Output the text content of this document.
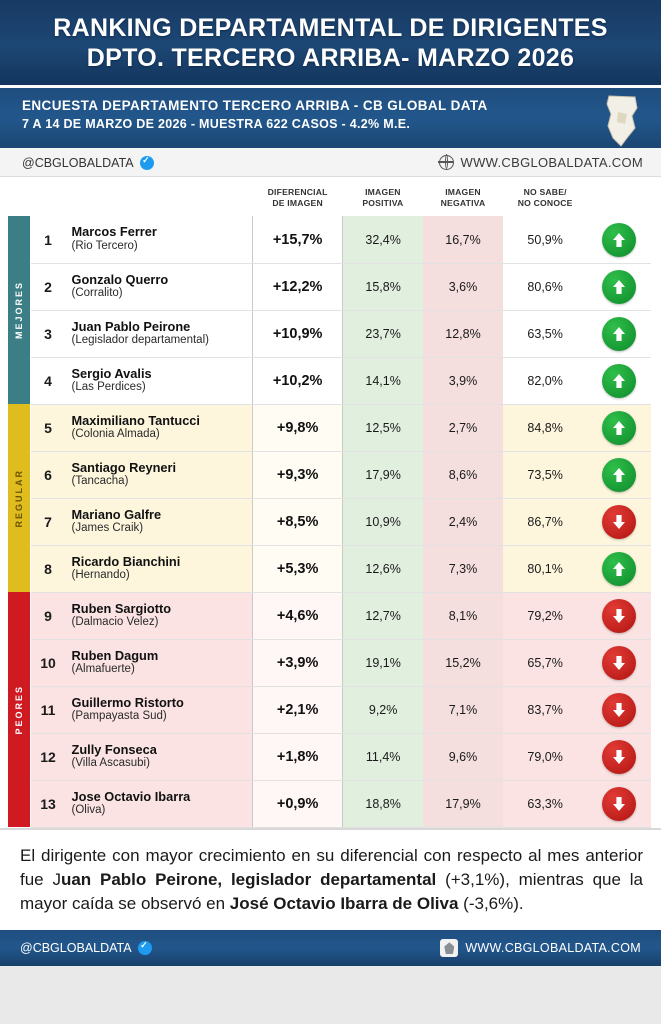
RANKING DEPARTAMENTAL DE DIRIGENTES
DPTO. TERCERO ARRIBA- MARZO 2026
ENCUESTA DEPARTAMENTO TERCERO ARRIBA - CB GLOBAL DATA
7 A 14 DE MARZO DE 2026 - MUESTRA 622 CASOS - 4.2% M.E.
@CBGLOBALDATA ✓	WWW.CBGLOBALDATA.COM

DIFERENCIAL
DE IMAGEN

IMAGEN
POSITIVA

IMAGEN
NEGATIVA

NO SABE/
NO CONOCE

MEJORES	1	Marcos Ferrer
(Rio Tercero)	+15,7%	32,4%	16,7%	50,9%	

	2	Gonzalo Querro
(Corralito)	+12,2%	15,8%	3,6%	80,6%	

	3	Juan Pablo Peirone
(Legislador departamental)	+10,9%	23,7%	12,8%	63,5%	

	4	Sergio Avalis
(Las Perdices)	+10,2%	14,1%	3,9%	82,0%	

REGULAR	5	Maximiliano Tantucci
(Colonia Almada)	+9,8%	12,5%	2,7%	84,8%	

	6	Santiago Reyneri
(Tancacha)	+9,3%	17,9%	8,6%	73,5%	

	7	Mariano Galfre
(James Craik)	+8,5%	10,9%	2,4%	86,7%	

	8	Ricardo Bianchini
(Hernando)	+5,3%	12,6%	7,3%	80,1%	

PEORES	9	Ruben Sargiotto
(Dalmacio Velez)	+4,6%	12,7%	8,1%	79,2%	

	10	Ruben Dagum
(Almafuerte)	+3,9%	19,1%	15,2%	65,7%	

	11	Guillermo Ristorto
(Pampayasta Sud)	+2,1%	9,2%	7,1%	83,7%	

	12	Zully Fonseca
(Villa Ascasubi)	+1,8%	11,4%	9,6%	79,0%	

	13	Jose Octavio Ibarra
(Oliva)	+0,9%	18,8%	17,9%	63,3%	
El dirigente con mayor crecimiento en su diferencial con respecto al mes anterior fue Juan Pablo Peirone, legislador departamental (+3,1%), mientras que la mayor caída se observó en José Octavio Ibarra de Oliva (-3,6%).
@CBGLOBALDATA ✓	WWW.CBGLOBALDATA.COM
